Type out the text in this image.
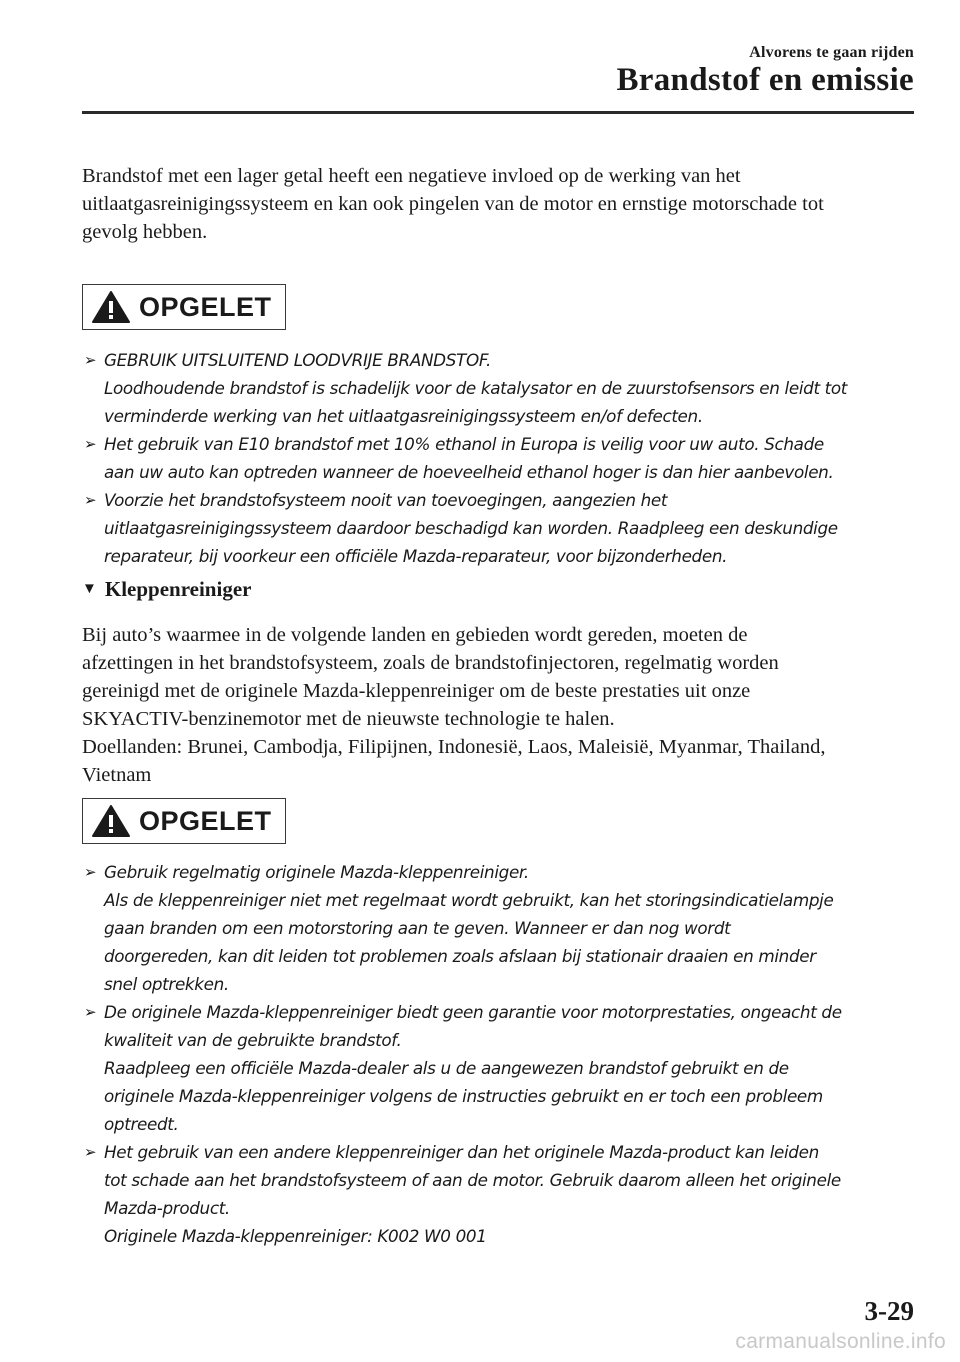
Alvorens te gaan rijden
Brandstof en emissie

Brandstof met een lager getal heeft een negatieve invloed op de werking van het
uitlaatgasreinigingssysteem en kan ook pingelen van de motor en ernstige motorschade tot
gevolg hebben.

OPGELET
➢ GEBRUIK UITSLUITEND LOODVRIJE BRANDSTOF.
Loodhoudende brandstof is schadelijk voor de katalysator en de zuurstofsensors en leidt tot
verminderde werking van het uitlaatgasreinigingssysteem en/of defecten.
➢ Het gebruik van E10 brandstof met 10% ethanol in Europa is veilig voor uw auto. Schade
aan uw auto kan optreden wanneer de hoeveelheid ethanol hoger is dan hier aanbevolen.
➢ Voorzie het brandstofsysteem nooit van toevoegingen, aangezien het
uitlaatgasreinigingssysteem daardoor beschadigd kan worden. Raadpleeg een deskundige
reparateur, bij voorkeur een officiële Mazda-reparateur, voor bijzonderheden.
▼ Kleppenreiniger

Bij auto’s waarmee in de volgende landen en gebieden wordt gereden, moeten de
afzettingen in het brandstofsysteem, zoals de brandstofinjectoren, regelmatig worden
gereinigd met de originele Mazda-kleppenreiniger om de beste prestaties uit onze
SKYACTIV-benzinemotor met de nieuwste technologie te halen.
Doellanden: Brunei, Cambodja, Filipijnen, Indonesië, Laos, Maleisië, Myanmar, Thailand,
Vietnam

OPGELET
➢ Gebruik regelmatig originele Mazda-kleppenreiniger.
Als de kleppenreiniger niet met regelmaat wordt gebruikt, kan het storingsindicatielampje
gaan branden om een motorstoring aan te geven. Wanneer er dan nog wordt
doorgereden, kan dit leiden tot problemen zoals afslaan bij stationair draaien en minder
snel optrekken.
➢ De originele Mazda-kleppenreiniger biedt geen garantie voor motorprestaties, ongeacht de
kwaliteit van de gebruikte brandstof.
Raadpleeg een officiële Mazda-dealer als u de aangewezen brandstof gebruikt en de
originele Mazda-kleppenreiniger volgens de instructies gebruikt en er toch een probleem
optreedt.
➢ Het gebruik van een andere kleppenreiniger dan het originele Mazda-product kan leiden
tot schade aan het brandstofsysteem of aan de motor. Gebruik daarom alleen het originele
Mazda-product.
Originele Mazda-kleppenreiniger: K002 W0 001
3-29
carmanualsonline.info
